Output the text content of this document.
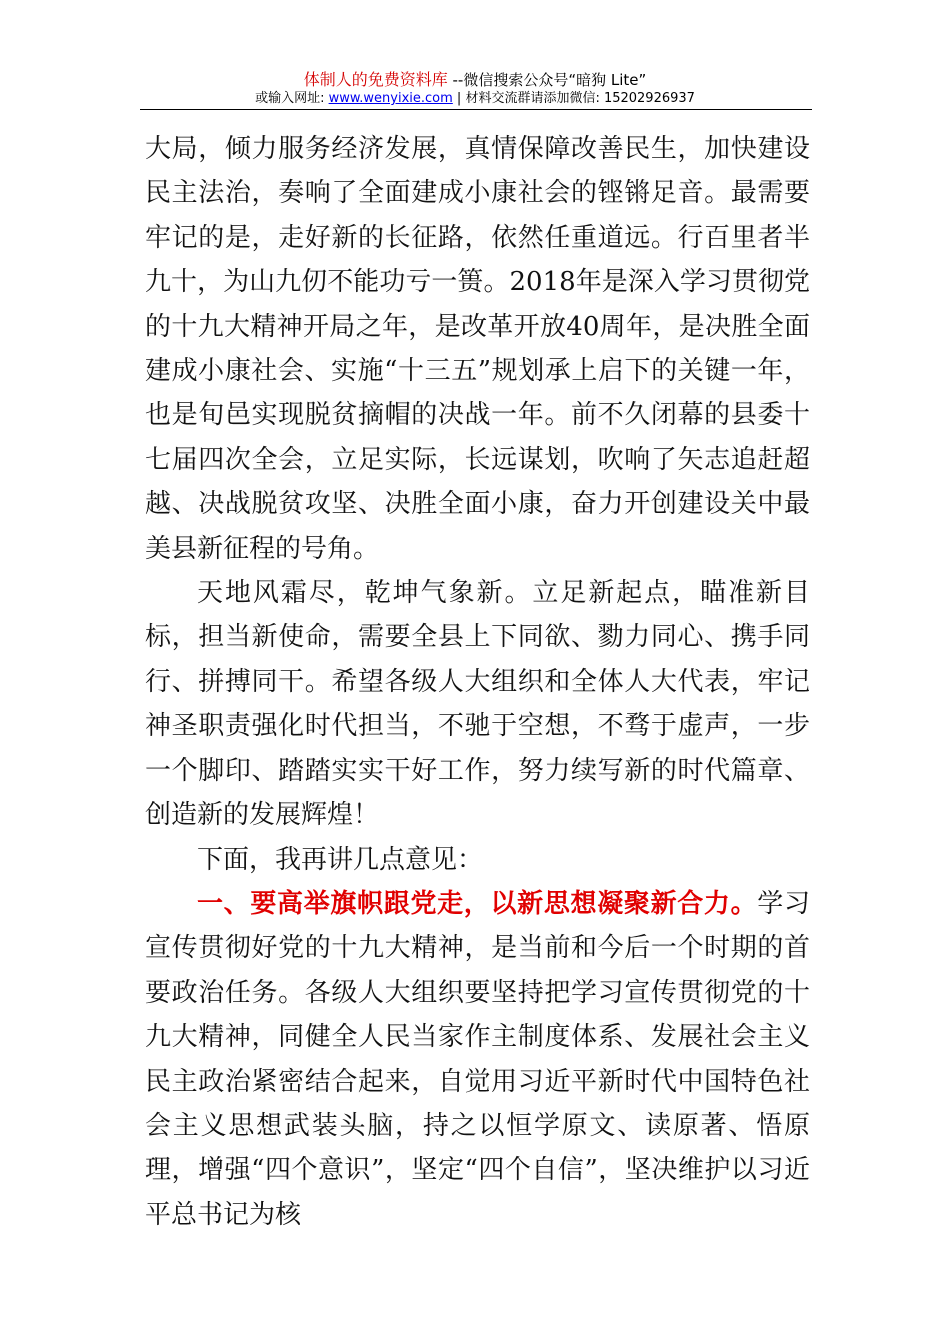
体制人的免费资料库 --微信搜索公众号“暗狗 Lite”
或输入网址: www.wenyixie.com | 材料交流群请添加微信: 15202926937

大局，倾力服务经济发展，真情保障改善民生，加快建设民主法治，奏响了全面建成小康社会的铿锵足音。最需要牢记的是，走好新的长征路，依然任重道远。行百里者半九十，为山九仞不能功亏一篑。2018年是深入学习贯彻党的十九大精神开局之年，是改革开放40周年，是决胜全面建成小康社会、实施“十三五”规划承上启下的关键一年，也是旬邑实现脱贫摘帽的决战一年。前不久闭幕的县委十七届四次全会，立足实际，长远谋划，吹响了矢志追赶超越、决战脱贫攻坚、决胜全面小康，奋力开创建设关中最美县新征程的号角。

天地风霜尽，乾坤气象新。立足新起点，瞄准新目标，担当新使命，需要全县上下同欲、勠力同心、携手同行、拼搏同干。希望各级人大组织和全体人大代表，牢记神圣职责强化时代担当，不驰于空想，不骛于虚声，一步一个脚印、踏踏实实干好工作，努力续写新的时代篇章、创造新的发展辉煌！

下面，我再讲几点意见：

一、要高举旗帜跟党走，以新思想凝聚新合力。学习宣传贯彻好党的十九大精神，是当前和今后一个时期的首要政治任务。各级人大组织要坚持把学习宣传贯彻党的十九大精神，同健全人民当家作主制度体系、发展社会主义民主政治紧密结合起来，自觉用习近平新时代中国特色社会主义思想武装头脑，持之以恒学原文、读原著、悟原理，增强“四个意识”，坚定“四个自信”，坚决维护以习近平总书记为核
